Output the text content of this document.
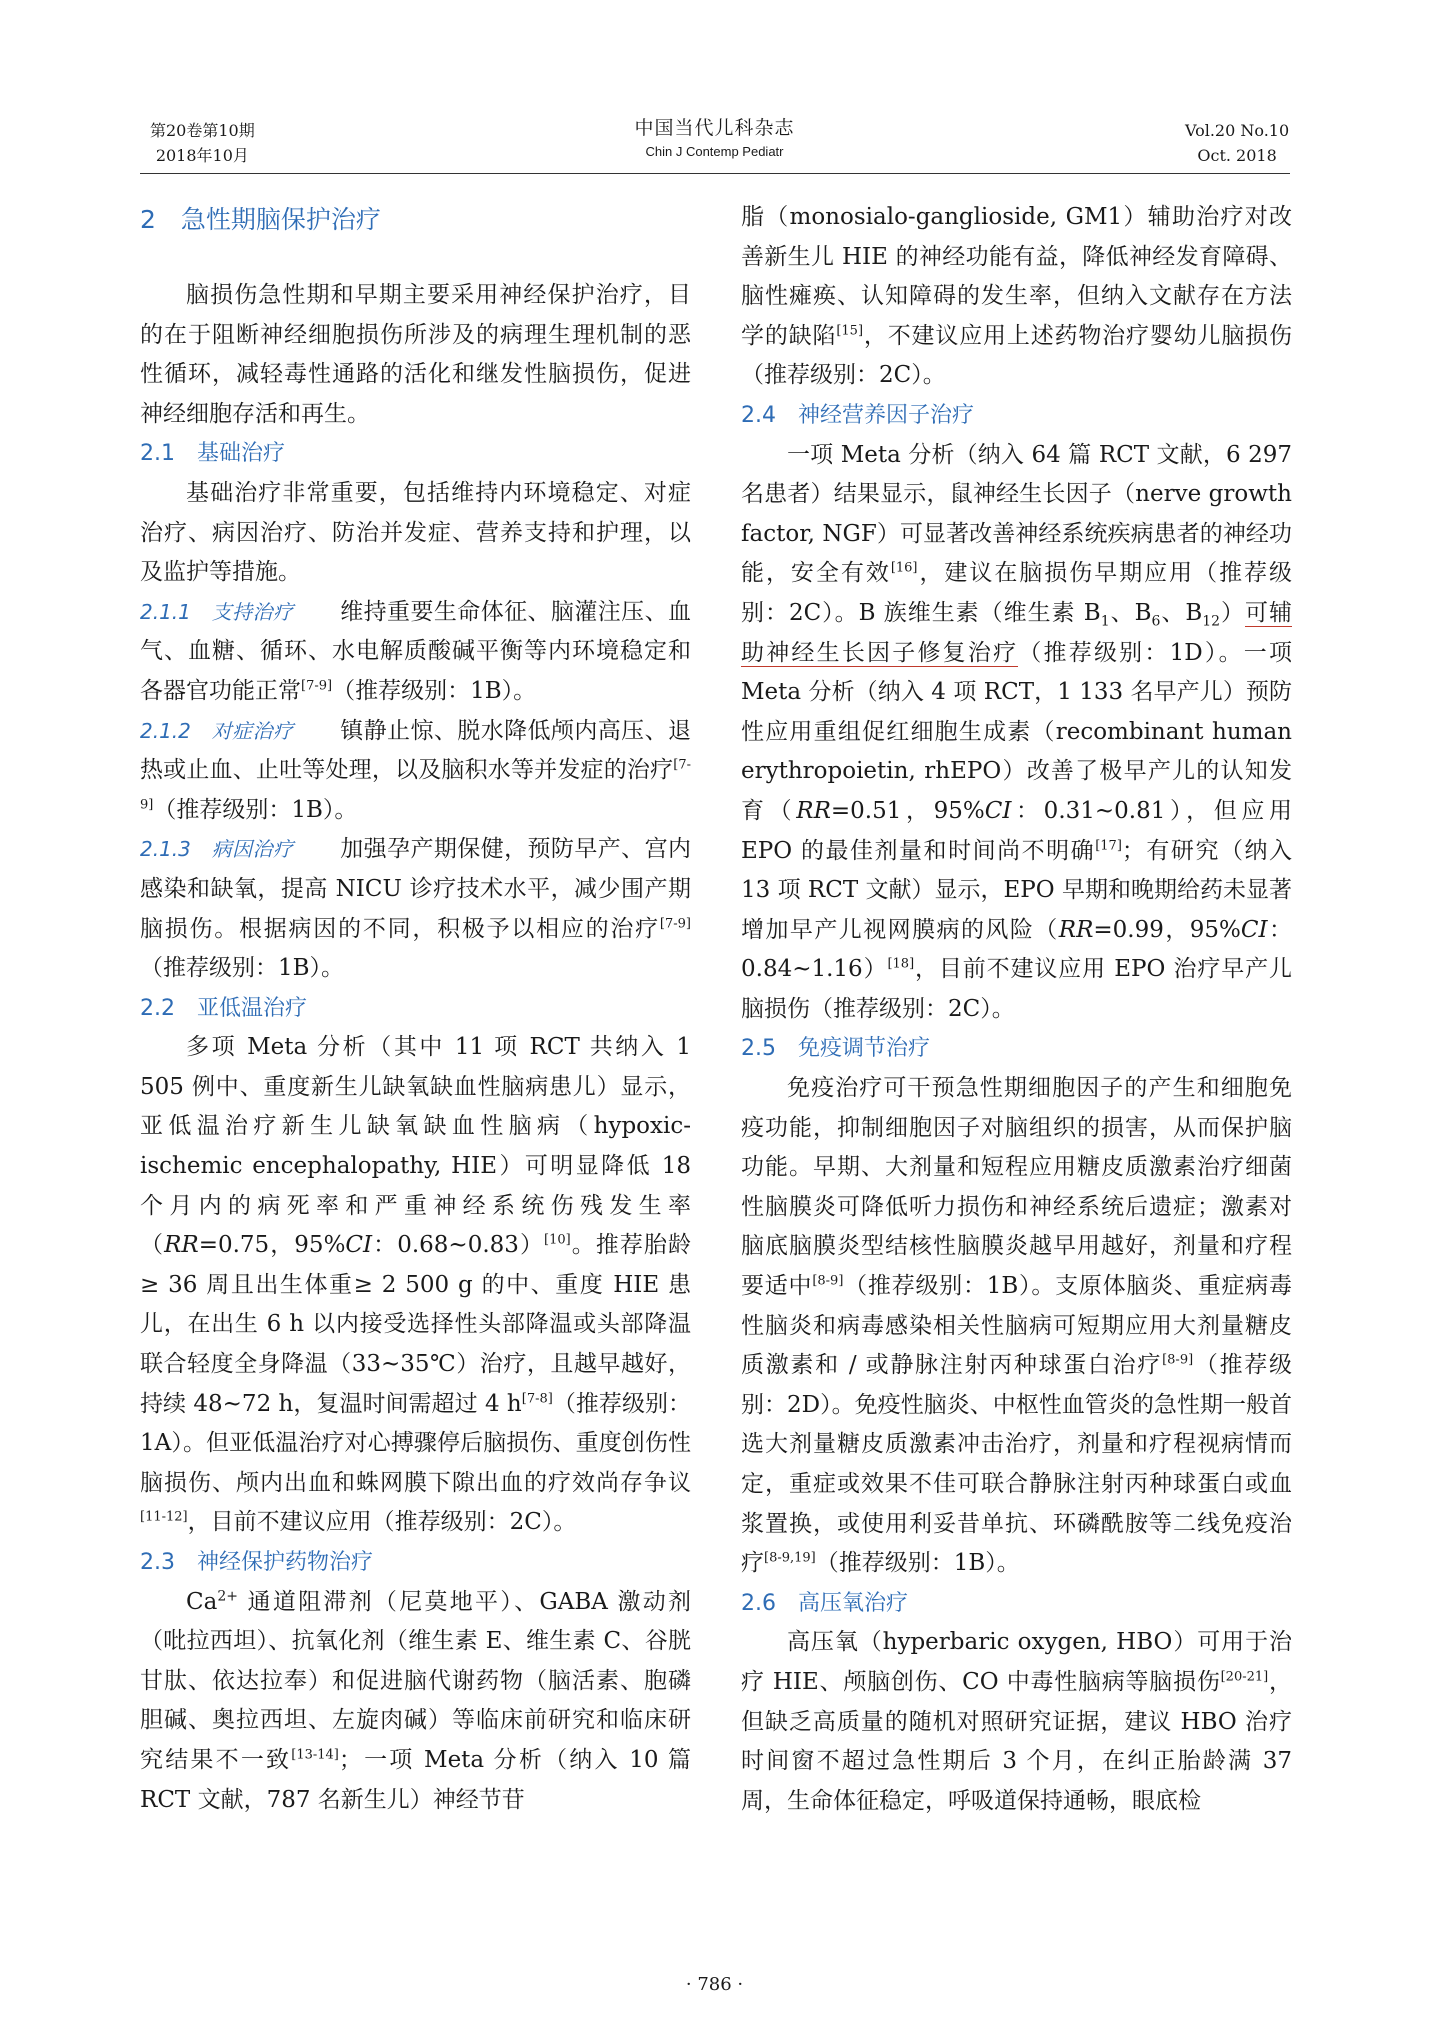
第20卷第10期
2018年10月
中国当代儿科杂志
Chin J Contemp Pediatr
Vol.20 No.10
Oct. 2018
2　急性期脑保护治疗

脑损伤急性期和早期主要采用神经保护治疗，目的在于阻断神经细胞损伤所涉及的病理生理机制的恶性循环，减轻毒性通路的活化和继发性脑损伤，促进神经细胞存活和再生。

2.1　基础治疗

基础治疗非常重要，包括维持内环境稳定、对症治疗、病因治疗、防治并发症、营养支持和护理，以及监护等措施。

2.1.1　支持治疗　　 维持重要生命体征、脑灌注压、血气、血糖、循环、水电解质酸碱平衡等内环境稳定和各器官功能正常[7-9]（推荐级别：1B）。

2.1.2　对症治疗　　 镇静止惊、脱水降低颅内高压、退热或止血、止吐等处理，以及脑积水等并发症的治疗[7-9]（推荐级别：1B）。

2.1.3　病因治疗　　 加强孕产期保健，预防早产、宫内感染和缺氧，提高 NICU 诊疗技术水平，减少围产期脑损伤。根据病因的不同，积极予以相应的治疗[7-9]（推荐级别：1B）。

2.2　亚低温治疗

多项 Meta 分析（其中 11 项 RCT 共纳入 1 505 例中、重度新生儿缺氧缺血性脑病患儿）显示，亚低温治疗新生儿缺氧缺血性脑病（hypoxic-ischemic encephalopathy, HIE）可明显降低 18 个月内的病死率和严重神经系统伤残发生率（RR=0.75，95%CI：0.68~0.83）[10]。推荐胎龄≥ 36 周且出生体重≥ 2 500 g 的中、重度 HIE 患儿，在出生 6 h 以内接受选择性头部降温或头部降温联合轻度全身降温（33~35℃）治疗，且越早越好，持续 48~72 h，复温时间需超过 4 h[7-8]（推荐级别：1A）。但亚低温治疗对心搏骤停后脑损伤、重度创伤性脑损伤、颅内出血和蛛网膜下隙出血的疗效尚存争议[11-12]，目前不建议应用（推荐级别：2C）。

2.3　神经保护药物治疗

$Ca^{2+}$ 通道阻滞剂（尼莫地平）、GABA 激动剂（吡拉西坦）、抗氧化剂（维生素 E、维生素 C、谷胱甘肽、依达拉奉）和促进脑代谢药物（脑活素、胞磷胆碱、奥拉西坦、左旋肉碱）等临床前研究和临床研究结果不一致[13-14]；一项 Meta 分析（纳入 10 篇 RCT 文献，787 名新生儿）神经节苷

脂（monosialo-ganglioside, GM1）辅助治疗对改善新生儿 HIE 的神经功能有益，降低神经发育障碍、脑性瘫痪、认知障碍的发生率，但纳入文献存在方法学的缺陷[15]，不建议应用上述药物治疗婴幼儿脑损伤（推荐级别：2C）。

2.4　神经营养因子治疗

一项 Meta 分析（纳入 64 篇 RCT 文献，6 297 名患者）结果显示，鼠神经生长因子（nerve growth factor, NGF）可显著改善神经系统疾病患者的神经功能，安全有效[16]，建议在脑损伤早期应用（推荐级别：2C）。B 族维生素（维生素 $B_1$、$B_6$、$B_{12}$）可辅助神经生长因子修复治疗（推荐级别：1D）。一项 Meta 分析（纳入 4 项 RCT，1 133 名早产儿）预防性应用重组促红细胞生成素（recombinant human erythropoietin, rhEPO）改善了极早产儿的认知发育（RR=0.51，95%CI：0.31~0.81），但应用 EPO 的最佳剂量和时间尚不明确[17]；有研究（纳入 13 项 RCT 文献）显示，EPO 早期和晚期给药未显著增加早产儿视网膜病的风险（RR=0.99，95%CI：0.84~1.16）[18]，目前不建议应用 EPO 治疗早产儿脑损伤（推荐级别：2C）。

2.5　免疫调节治疗

免疫治疗可干预急性期细胞因子的产生和细胞免疫功能，抑制细胞因子对脑组织的损害，从而保护脑功能。早期、大剂量和短程应用糖皮质激素治疗细菌性脑膜炎可降低听力损伤和神经系统后遗症；激素对脑底脑膜炎型结核性脑膜炎越早用越好，剂量和疗程要适中[8-9]（推荐级别：1B）。支原体脑炎、重症病毒性脑炎和病毒感染相关性脑病可短期应用大剂量糖皮质激素和 / 或静脉注射丙种球蛋白治疗[8-9]（推荐级别：2D）。免疫性脑炎、中枢性血管炎的急性期一般首选大剂量糖皮质激素冲击治疗，剂量和疗程视病情而定，重症或效果不佳可联合静脉注射丙种球蛋白或血浆置换，或使用利妥昔单抗、环磷酰胺等二线免疫治疗[8-9,19]（推荐级别：1B）。

2.6　高压氧治疗

高压氧（hyperbaric oxygen, HBO）可用于治疗 HIE、颅脑创伤、CO 中毒性脑病等脑损伤[20-21]，但缺乏高质量的随机对照研究证据，建议 HBO 治疗时间窗不超过急性期后 3 个月，在纠正胎龄满 37 周，生命体征稳定，呼吸道保持通畅，眼底检

· 786 ·
